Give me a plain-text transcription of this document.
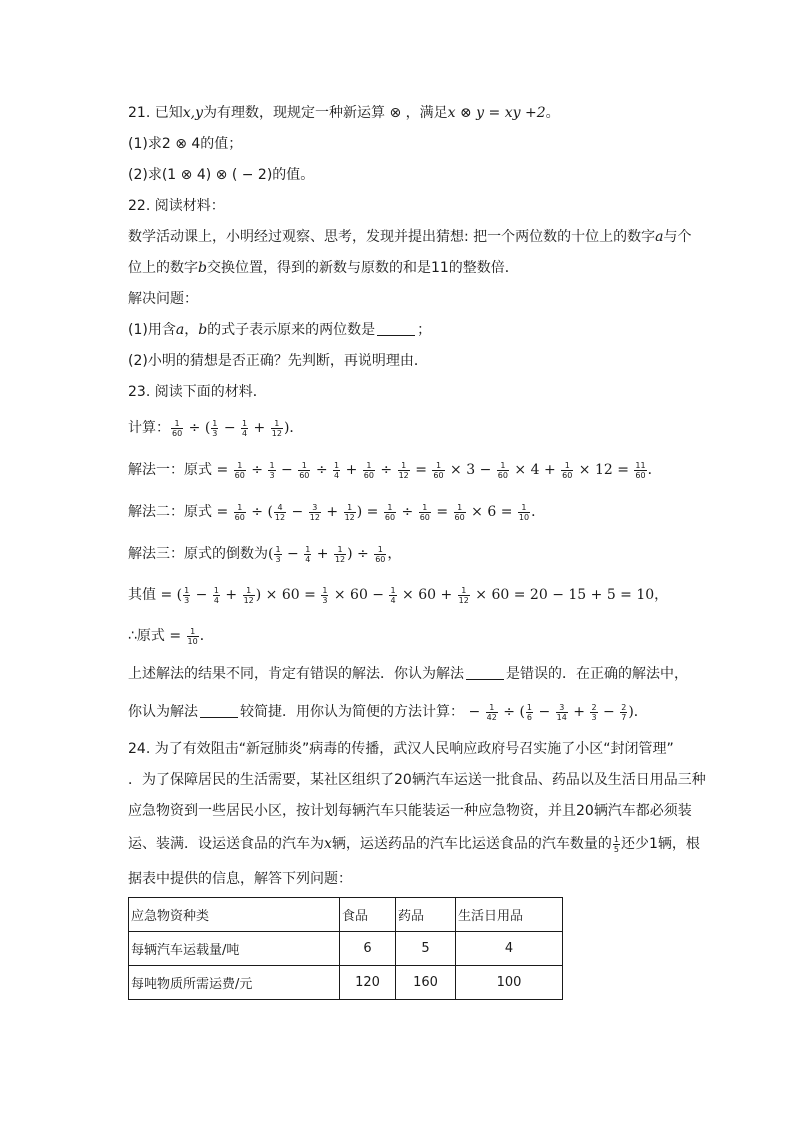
21. 已知x,y为有理数，现规定一种新运算 ⊗ ，满足x ⊗ y = xy +2。
(1)求2 ⊗ 4的值；
(2)求(1 ⊗ 4) ⊗ ( − 2)的值。
22. 阅读材料：
数学活动课上，小明经过观察、思考，发现并提出猜想: 把一个两位数的十位上的数字a与个
位上的数字b交换位置，得到的新数与原数的和是11的整数倍．
解决问题：
(1)用含a，b的式子表示原来的两位数是	；
(2)小明的猜想是否正确？先判断，再说明理由．
23. 阅读下面的材料．
计算： $\frac{1}{60}$ ÷ ( $\frac{1}{3} - \frac{1}{4} + \frac{1}{12}$ )．
解法一：原式 = $\frac{1}{60} \div \frac{1}{3} - \frac{1}{60} \div \frac{1}{4} + \frac{1}{60} \div \frac{1}{12} = \frac{1}{60} \times 3 - \frac{1}{60} \times 4 + \frac{1}{60} \times 12 = \frac{11}{60}$ ．
解法二：原式 = $\frac{1}{60}$ ÷ ( $\frac{4}{12} - \frac{3}{12} + \frac{1}{12}$ ) = $\frac{1}{60} \div \frac{1}{60} = \frac{1}{60} \times 6 = \frac{1}{10}$ ．
解法三：原式的倒数为( $\frac{1}{3} - \frac{1}{4} + \frac{1}{12}$ ) ÷ $\frac{1}{60}$ ，
其值 = ( $\frac{1}{3} - \frac{1}{4} + \frac{1}{12}$ ) × $60 = \frac{1}{3} \times 60 - \frac{1}{4} \times 60 + \frac{1}{12} \times 60 = 20 - 15 + 5 = 10$，
∴原式 = $\frac{1}{10}$ ．
上述解法的结果不同，肯定有错误的解法．你认为解法	是错误的．在正确的解法中，
你认为解法	较简捷．用你认为简便的方法计算： − $\frac{1}{42}$ ÷ ( $\frac{1}{6} - \frac{3}{14} + \frac{2}{3} - \frac{2}{7}$ )．
24. 为了有效阻击“新冠肺炎”病毒的传播，武汉人民响应政府号召实施了小区“封闭管理”
．为了保障居民的生活需要，某社区组织了20辆汽车运送一批食品、药品以及生活日用品三种
应急物资到一些居民小区，按计划每辆汽车只能装运一种应急物资，并且20辆汽车都必须装
运、装满．设运送食品的汽车为x辆，运送药品的汽车比运送食品的汽车数量的 $\frac{1}{5}$ 还少1辆，根
据表中提供的信息，解答下列问题：
应急物资种类	食品	药品	生活日用品
每辆汽车运载量/吨	6	5	4
每吨物质所需运费/元	120	160	100
